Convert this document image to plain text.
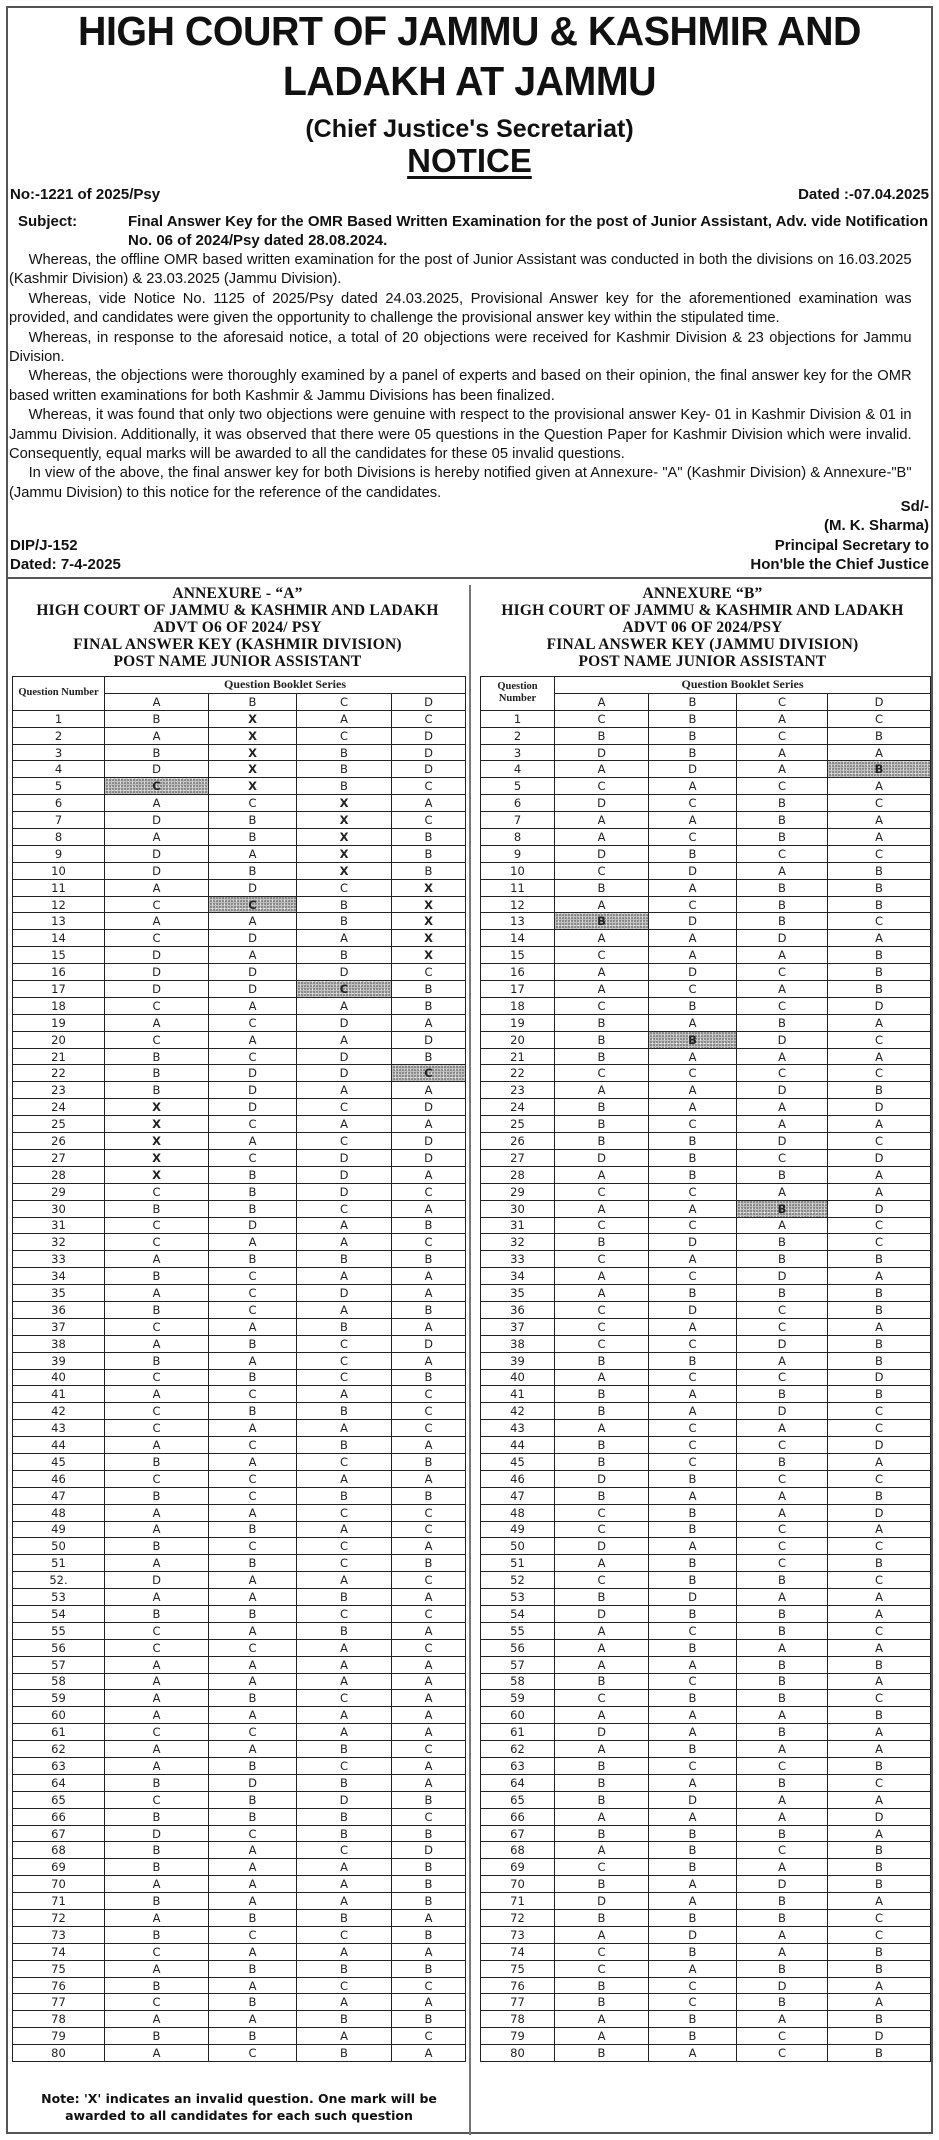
HIGH COURT OF JAMMU & KASHMIR AND
LADAKH AT JAMMU
(Chief Justice's Secretariat)
NOTICE
No:-1221 of 2025/Psy	Dated :-07.04.2025
Subject:	Final Answer Key for the OMR Based Written Examination for the post of Junior Assistant, Adv. vide Notification No. 06 of 2024/Psy dated 28.08.2024.

Whereas, the offline OMR based written examination for the post of Junior Assistant was conducted in both the divisions on 16.03.2025 (Kashmir Division) & 23.03.2025 (Jammu Division).

Whereas, vide Notice No. 1125 of 2025/Psy dated 24.03.2025, Provisional Answer key for the aforementioned examination was provided, and candidates were given the opportunity to challenge the provisional answer key within the stipulated time.

Whereas, in response to the aforesaid notice, a total of 20 objections were received for Kashmir Division & 23 objections for Jammu Division.

Whereas, the objections were thoroughly examined by a panel of experts and based on their opinion, the final answer key for the OMR based written examinations for both Kashmir & Jammu Divisions has been finalized.

Whereas, it was found that only two objections were genuine with respect to the provisional answer Key- 01 in Kashmir Division & 01 in Jammu Division. Additionally, it was observed that there were 05 questions in the Question Paper for Kashmir Division which were invalid. Consequently, equal marks will be awarded to all the candidates for these 05 invalid questions.

In view of the above, the final answer key for both Divisions is hereby notified given at Annexure- "A" (Kashmir Division) & Annexure-"B" (Jammu Division) to this notice for the reference of the candidates.

Sd/-
(M. K. Sharma)
Principal Secretary to
Hon'ble the Chief Justice
DIP/J-152
Dated: 7-4-2025
ANNEXURE - “A”
HIGH COURT OF JAMMU & KASHMIR AND LADAKH
ADVT O6 OF 2024/ PSY
FINAL ANSWER KEY (KASHMIR DIVISION)
POST NAME JUNIOR ASSISTANT
Question Number	Question Booklet Series			
	A	B	C	D
1	B	X	A	C
2	A	X	C	D
3	B	X	B	D
4	D	X	B	D
5	C	X	B	C
6	A	C	X	A
7	D	B	X	C
8	A	B	X	B
9	D	A	X	B
10	D	B	X	B
11	A	D	C	X
12	C	C	B	X
13	A	A	B	X
14	C	D	A	X
15	D	A	B	X
16	D	D	D	C
17	D	D	C	B
18	C	A	A	B
19	A	C	D	A
20	C	A	A	D
21	B	C	D	B
22	B	D	D	C
23	B	D	A	A
24	X	D	C	D
25	X	C	A	A
26	X	A	C	D
27	X	C	D	D
28	X	B	D	A
29	C	B	D	C
30	B	B	C	A
31	C	D	A	B
32	C	A	A	C
33	A	B	B	B
34	B	C	A	A
35	A	C	D	A
36	B	C	A	B
37	C	A	B	A
38	A	B	C	D
39	B	A	C	A
40	C	B	C	B
41	A	C	A	C
42	C	B	B	C
43	C	A	A	C
44	A	C	B	A
45	B	A	C	B
46	C	C	A	A
47	B	C	B	B
48	A	A	C	C
49	A	B	A	C
50	B	C	C	A
51	A	B	C	B
52.	D	A	A	C
53	A	A	B	A
54	B	B	C	C
55	C	A	B	A
56	C	C	A	C
57	A	A	A	A
58	A	A	A	A
59	A	B	C	A
60	A	A	A	A
61	C	C	A	A
62	A	A	B	C
63	A	B	C	A
64	B	D	B	A
65	C	B	D	B
66	B	B	B	C
67	D	C	B	B
68	B	A	C	D
69	B	A	A	B
70	A	A	A	B
71	B	A	A	B
72	A	B	B	A
73	B	C	C	B
74	C	A	A	A
75	A	B	B	B
76	B	A	C	C
77	C	B	A	A
78	A	A	B	B
79	B	B	A	C
80	A	C	B	A
Note: 'X' indicates an invalid question. One mark will be awarded to all candidates for each such question
ANNEXURE “B”
HIGH COURT OF JAMMU & KASHMIR AND LADAKH
ADVT 06 OF 2024/PSY
FINAL ANSWER KEY (JAMMU DIVISION)
POST NAME JUNIOR ASSISTANT
Question Number	Question Booklet Series			
	A	B	C	D
1	C	B	A	C
2	B	B	C	B
3	D	B	A	A
4	A	D	A	B
5	C	A	C	A
6	D	C	B	C
7	A	A	B	A
8	A	C	B	A
9	D	B	C	C
10	C	D	A	B
11	B	A	B	B
12	A	C	B	B
13	B	D	B	C
14	A	A	D	A
15	C	A	A	B
16	A	D	C	B
17	A	C	A	B
18	C	B	C	D
19	B	A	B	A
20	B	B	D	C
21	B	A	A	A
22	C	C	C	C
23	A	A	D	B
24	B	A	A	D
25	B	C	A	A
26	B	B	D	C
27	D	B	C	D
28	A	B	B	A
29	C	C	A	A
30	A	A	B	D
31	C	C	A	C
32	B	D	B	C
33	C	A	B	B
34	A	C	D	A
35	A	B	B	B
36	C	D	C	B
37	C	A	C	A
38	C	C	D	B
39	B	B	A	B
40	A	C	C	D
41	B	A	B	B
42	B	A	D	C
43	A	C	A	C
44	B	C	C	D
45	B	C	B	A
46	D	B	C	C
47	B	A	A	B
48	C	B	A	D
49	C	B	C	A
50	D	A	C	C
51	A	B	C	B
52	C	B	B	C
53	B	D	A	A
54	D	B	B	A
55	A	C	B	C
56	A	B	A	A
57	A	A	B	B
58	B	C	B	A
59	C	B	B	C
60	A	A	A	B
61	D	A	B	A
62	A	B	A	A
63	B	C	C	B
64	B	A	B	C
65	B	D	A	A
66	A	A	A	D
67	B	B	B	A
68	A	B	C	B
69	C	B	A	B
70	B	A	D	B
71	D	A	B	A
72	B	B	B	C
73	A	D	A	C
74	C	B	A	B
75	C	A	B	B
76	B	C	D	A
77	B	C	B	A
78	A	B	A	B
79	A	B	C	D
80	B	A	C	B
